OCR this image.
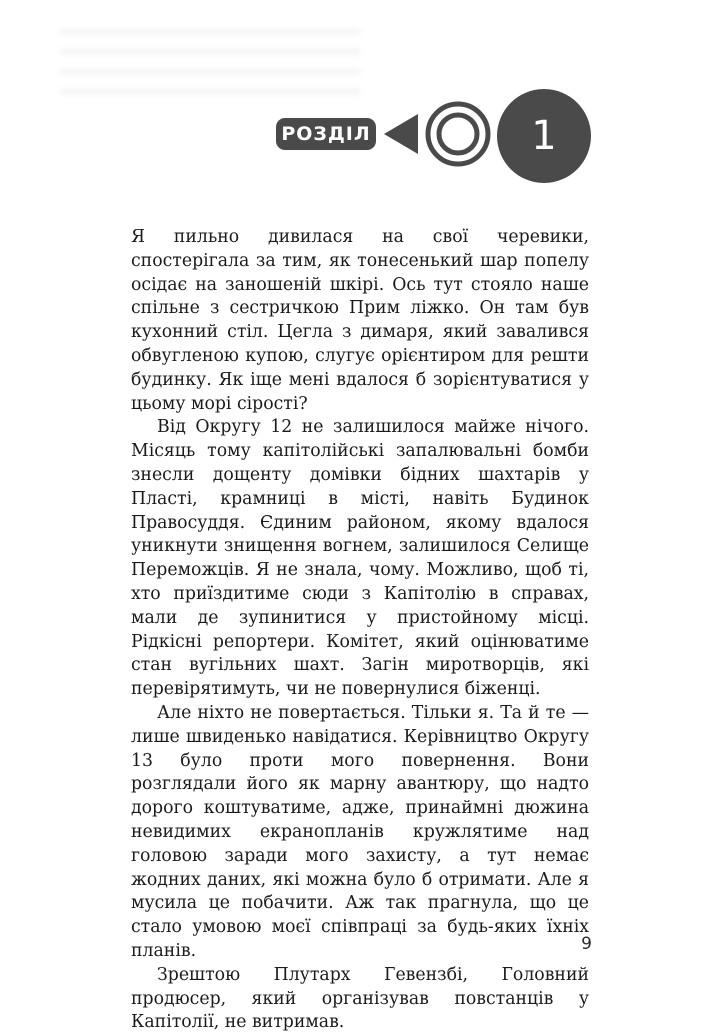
РОЗДІЛ	1

Я пильно дивилася на свої черевики, спостерігала за тим, як тонесенький шар попелу осідає на заношеній шкірі. Ось тут стояло наше спільне з сестричкою Прим ліжко. Он там був кухонний стіл. Цегла з димаря, який завалився обвугленою купою, слугує орієнтиром для решти будинку. Як іще мені вдалося б зорієнтуватися у цьому морі сірості?

Від Округу 12 не залишилося майже нічого. Місяць тому капітолійські запалювальні бомби знесли дощенту домівки бідних шахтарів у Пласті, крамниці в місті, навіть Будинок Правосуддя. Єдиним районом, якому вдалося уникнути знищення вогнем, залишилося Селище Переможців. Я не знала, чому. Можливо, щоб ті, хто приїздитиме сюди з Капітолію в справах, мали де зупинитися у пристойному місці. Рідкісні репортери. Комітет, який оцінюватиме стан вугільних шахт. Загін миротворців, які перевірятимуть, чи не повернулися біженці.

Але ніхто не повертається. Тільки я. Та й те — лише швиденько навідатися. Керівництво Округу 13 було проти мого повернення. Вони розглядали його як марну авантюру, що надто дорого коштуватиме, адже, принаймні дюжина невидимих екранопланів кружлятиме над головою заради мого захисту, а тут немає жодних даних, які можна було б отримати. Але я мусила це побачити. Аж так прагнула, що це стало умовою моєї співпраці за будь-яких їхніх планів.

Зрештою Плутарх Гевензбі, Головний продюсер, який організував повстанців у Капітолії, не витримав.

9
